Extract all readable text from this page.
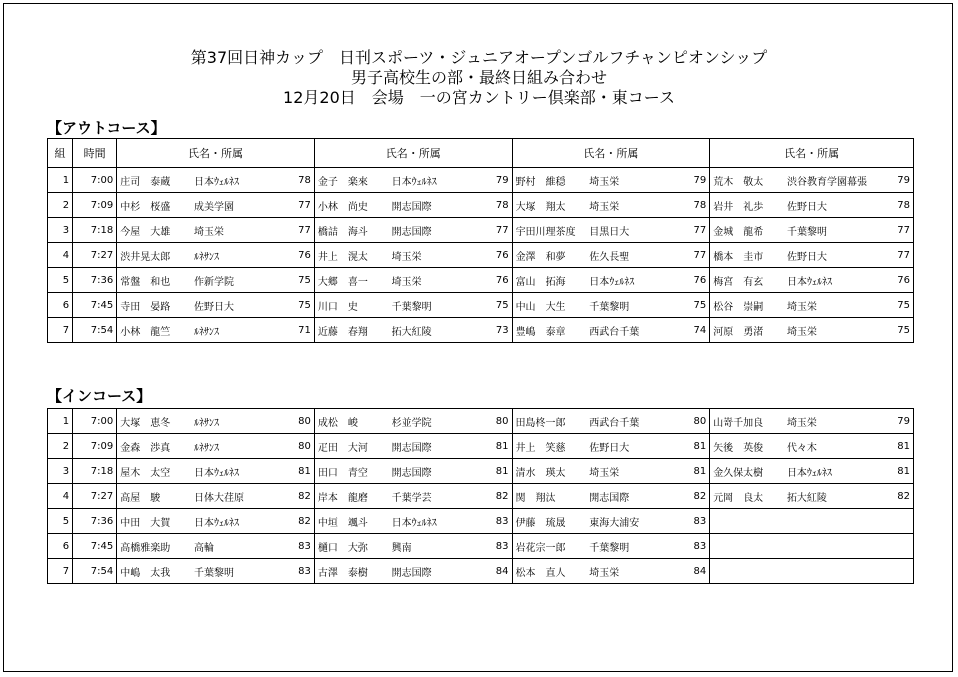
第37回日神カップ　日刊スポーツ・ジュニアオープンゴルフチャンピオンシップ
男子高校生の部・最終日組み合わせ
12月20日　会場　一の宮カントリー倶楽部・東コース
【アウトコース】
組	時間	氏名・所属			氏名・所属			氏名・所属			氏名・所属		
1	7:00	庄司 泰蔵	日本ｳｪﾙﾈｽ	78	金子 楽來	日本ｳｪﾙﾈｽ	79	野村 維穏	埼玉栄	79	荒木 敬太	渋谷教育学園幕張	79
2	7:09	中杉 桜盛	成美学園	77	小林 尚史	開志国際	78	大塚 翔太	埼玉栄	78	岩井 礼歩	佐野日大	78
3	7:18	今屋 大雄	埼玉栄	77	橋詰 海斗	開志国際	77	宇田川理茶度	目黒日大	77	金城 龍希	千葉黎明	77
4	7:27	渋井晃太郎	ﾙﾈｻﾝｽ	76	井上 滉太	埼玉栄	76	金澤 和夢	佐久長聖	77	橋本 圭市	佐野日大	77
5	7:36	常盤 和也	作新学院	75	大郷 喜一	埼玉栄	76	富山 拓海	日本ｳｪﾙﾈｽ	76	梅宮 有玄	日本ｳｪﾙﾈｽ	76
6	7:45	寺田 晏路	佐野日大	75	川口 史	千葉黎明	75	中山 大生	千葉黎明	75	松谷 崇嗣	埼玉栄	75
7	7:54	小林 龍竺	ﾙﾈｻﾝｽ	71	近藤 春翔	拓大紅陵	73	豊嶋 泰章	西武台千葉	74	河原 勇渚	埼玉栄	75
【インコース】
1	7:00	大塚 恵冬	ﾙﾈｻﾝｽ	80	成松 峻	杉並学院	80	田島柊一郎	西武台千葉	80	山嵜千加良	埼玉栄	79
2	7:09	金森 渉真	ﾙﾈｻﾝｽ	80	疋田 大河	開志国際	81	井上 笑慈	佐野日大	81	矢後 英俊	代々木	81
3	7:18	屋木 太空	日本ｳｪﾙﾈｽ	81	田口 青空	開志国際	81	清水 瑛太	埼玉栄	81	金久保太樹	日本ｳｪﾙﾈｽ	81
4	7:27	高屋 駿	日体大荏原	82	岸本 龍磨	千葉学芸	82	関 翔汰	開志国際	82	元岡 良太	拓大紅陵	82
5	7:36	中田 大賀	日本ｳｪﾙﾈｽ	82	中垣 颯斗	日本ｳｪﾙﾈｽ	83	伊藤 琉晟	東海大浦安	83			
6	7:45	高橋雅楽助	高輪	83	樋口 大弥	興南	83	岩花宗一郎	千葉黎明	83			
7	7:54	中嶋 太我	千葉黎明	83	古澤 泰樹	開志国際	84	松本 直人	埼玉栄	84			
